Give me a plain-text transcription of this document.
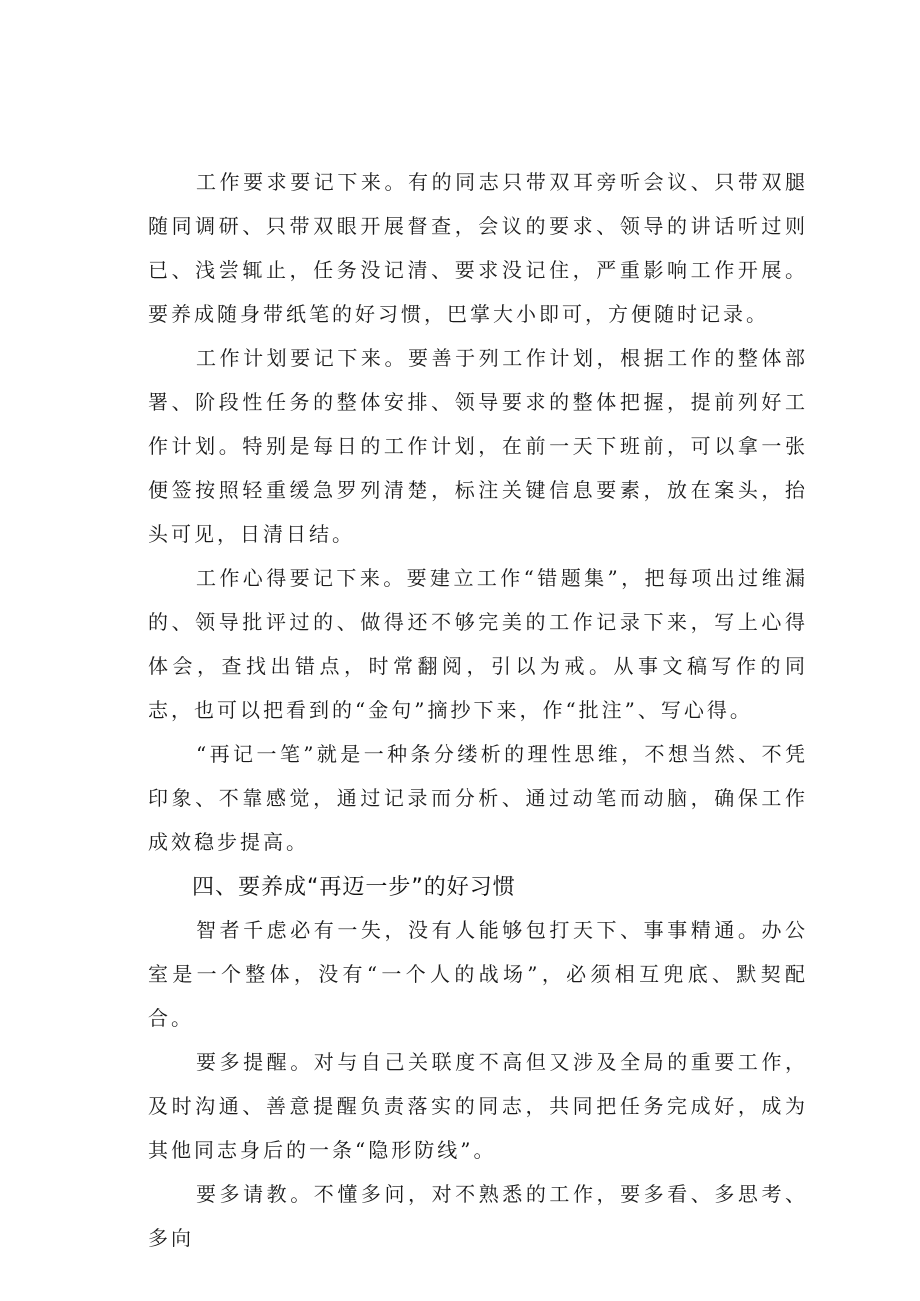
工作要求要记下来。有的同志只带双耳旁听会议、只带双腿随同调研、只带双眼开展督查，会议的要求、领导的讲话听过则已、浅尝辄止，任务没记清、要求没记住，严重影响工作开展。要养成随身带纸笔的好习惯，巴掌大小即可，方便随时记录。

工作计划要记下来。要善于列工作计划，根据工作的整体部署、阶段性任务的整体安排、领导要求的整体把握，提前列好工作计划。特别是每日的工作计划，在前一天下班前，可以拿一张便签按照轻重缓急罗列清楚，标注关键信息要素，放在案头，抬头可见，日清日结。

工作心得要记下来。要建立工作“错题集”，把每项出过维漏的、领导批评过的、做得还不够完美的工作记录下来，写上心得体会，查找出错点，时常翻阅，引以为戒。从事文稿写作的同志，也可以把看到的“金句”摘抄下来，作“批注”、写心得。

“再记一笔”就是一种条分缕析的理性思维，不想当然、不凭印象、不靠感觉，通过记录而分析、通过动笔而动脑，确保工作成效稳步提高。

四、要养成“再迈一步”的好习惯

智者千虑必有一失，没有人能够包打天下、事事精通。办公室是一个整体，没有“一个人的战场”，必须相互兜底、默契配合。

要多提醒。对与自己关联度不高但又涉及全局的重要工作，及时沟通、善意提醒负责落实的同志，共同把任务完成好，成为其他同志身后的一条“隐形防线”。

要多请教。不懂多问，对不熟悉的工作，要多看、多思考、多向
